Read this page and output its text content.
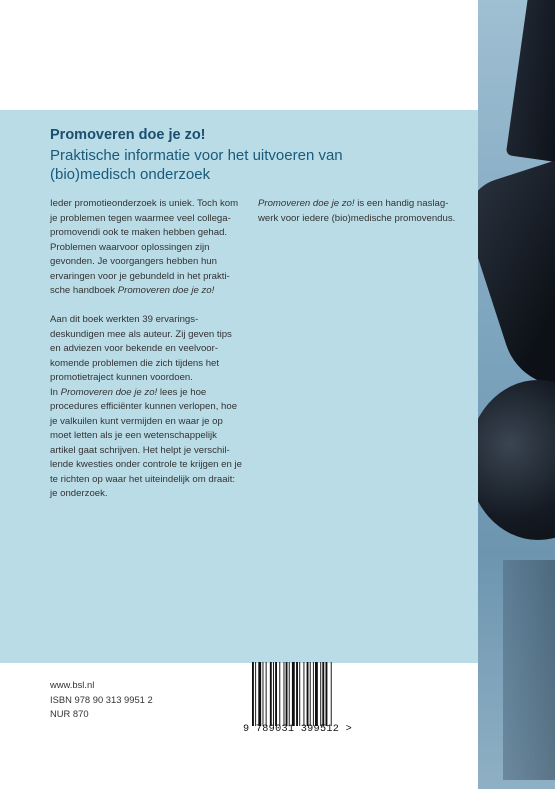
Promoveren doe je zo!
Praktische informatie voor het uitvoeren van (bio)medisch onderzoek

Ieder promotieonderzoek is uniek. Toch kom je problemen tegen waarmee veel collega-promovendi ook te maken hebben gehad. Problemen waarvoor oplossingen zijn gevonden. Je voorgangers hebben hun ervaringen voor je gebundeld in het praktische handboek Promoveren doe je zo!

Aan dit boek werkten 39 ervaringsdeskundigen mee als auteur. Zij geven tips en adviezen voor bekende en veelvoorkomende problemen die zich tijdens het promotietraject kunnen voordoen.

In Promoveren doe je zo! lees je hoe procedures efficiënter kunnen verlopen, hoe je valkuilen kunt vermijden en waar je op moet letten als je een wetenschappelijk artikel gaat schrijven. Het helpt je verschillende kwesties onder controle te krijgen en je te richten op waar het uiteindelijk om draait: je onderzoek.

Promoveren doe je zo! is een handig naslagwerk voor iedere (bio)medische promovendus.

www.bsl.nl
ISBN 978 90 313 9951 2
NUR 870
9 789031 399512 >
